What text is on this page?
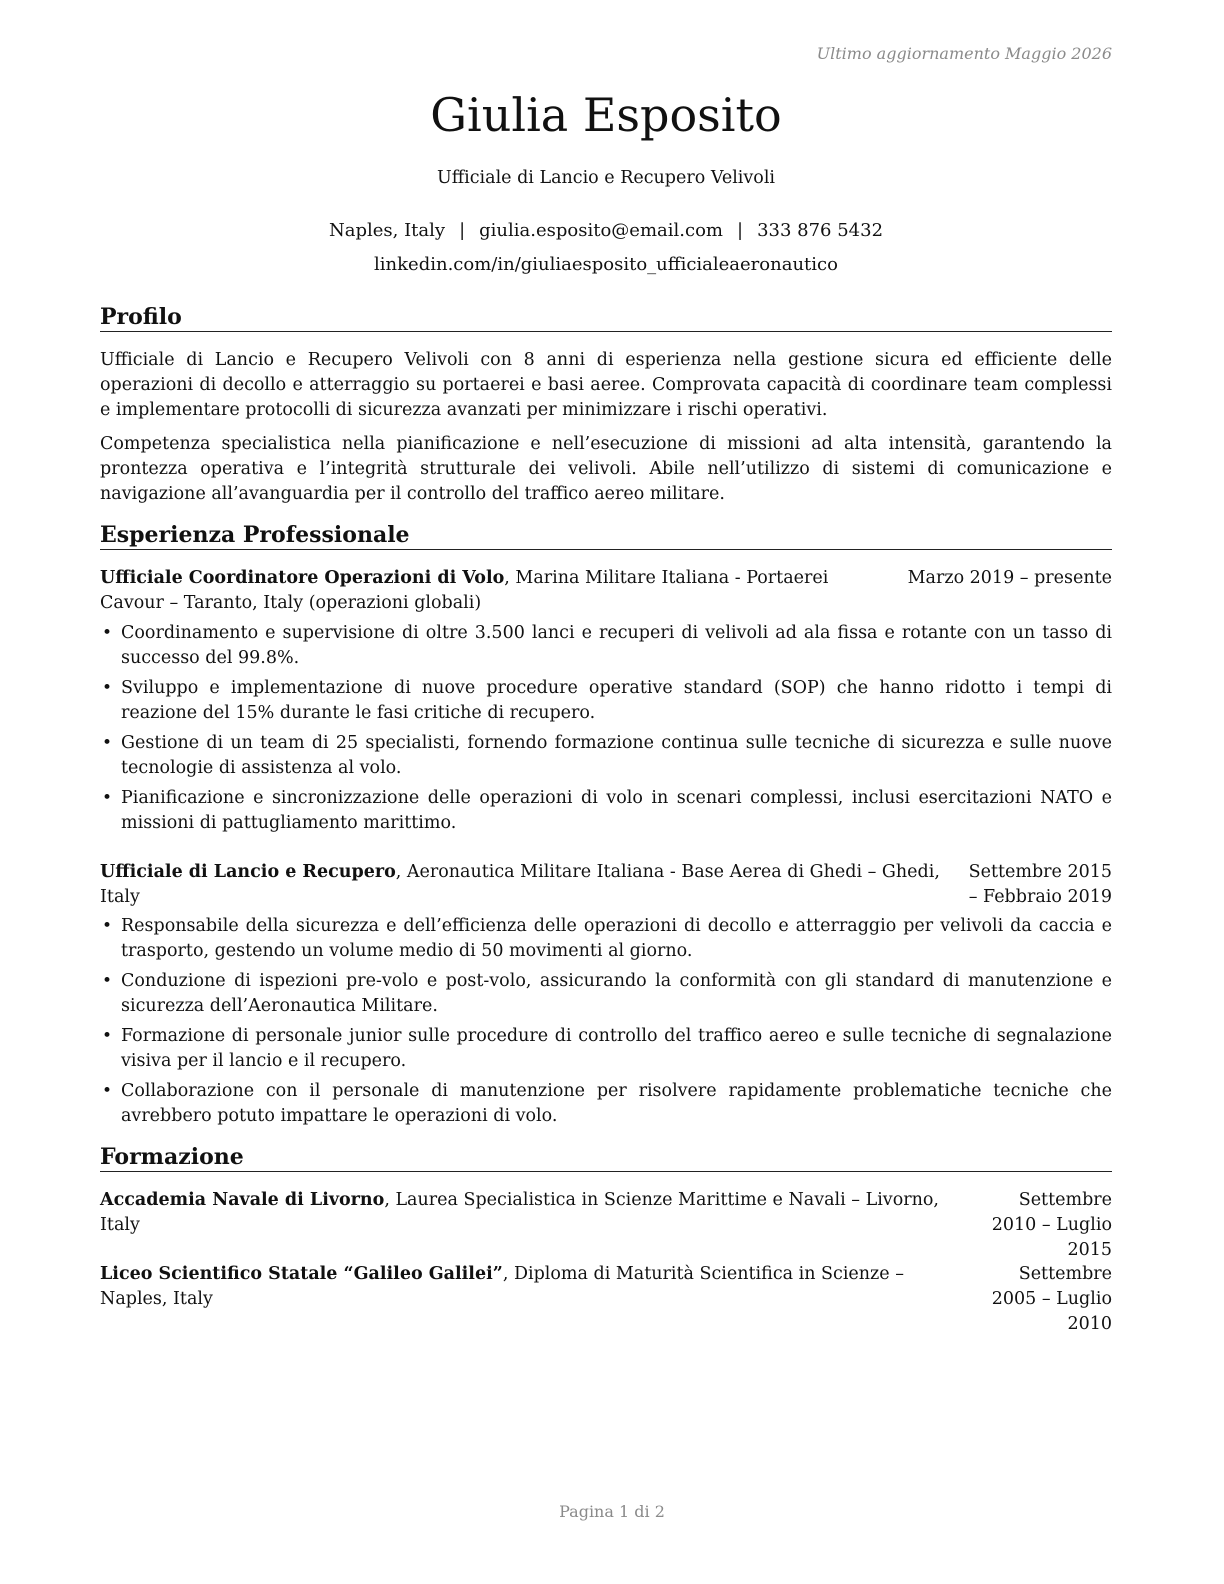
Ultimo aggiornamento Maggio 2026
Giulia Esposito
Ufficiale di Lancio e Recupero Velivoli
Naples, Italy | giulia.esposito@email.com | 333 876 5432
linkedin.com/in/giuliaesposito_ufficialeaeronautico
Profilo

Ufficiale di Lancio e Recupero Velivoli con 8 anni di esperienza nella gestione sicura ed efficiente delle operazioni di decollo e atterraggio su portaerei e basi aeree. Comprovata capacità di coordinare team complessi e implementare protocolli di sicurezza avanzati per minimizzare i rischi operativi.

Competenza specialistica nella pianificazione e nell’esecuzione di missioni ad alta intensità, garantendo la prontezza operativa e l’integrità strutturale dei velivoli. Abile nell’utilizzo di sistemi di comunicazione e navigazione all’avanguardia per il controllo del traffico aereo militare.

Esperienza Professionale
Ufficiale Coordinatore Operazioni di Volo, Marina Militare Italiana - Portaerei Cavour – Taranto, Italy (operazioni globali)
Marzo 2019 – presente
• Coordinamento e supervisione di oltre 3.500 lanci e recuperi di velivoli ad ala fissa e rotante con un tasso di successo del 99.8%.
• Sviluppo e implementazione di nuove procedure operative standard (SOP) che hanno ridotto i tempi di reazione del 15% durante le fasi critiche di recupero.
• Gestione di un team di 25 specialisti, fornendo formazione continua sulle tecniche di sicurezza e sulle nuove tecnologie di assistenza al volo.
• Pianificazione e sincronizzazione delle operazioni di volo in scenari complessi, inclusi esercitazioni NATO e missioni di pattugliamento marittimo.
Ufficiale di Lancio e Recupero, Aeronautica Militare Italiana - Base Aerea di Ghedi – Ghedi, Italy
Settembre 2015 – Febbraio 2019
• Responsabile della sicurezza e dell’efficienza delle operazioni di decollo e atterraggio per velivoli da caccia e trasporto, gestendo un volume medio di 50 movimenti al giorno.
• Conduzione di ispezioni pre-volo e post-volo, assicurando la conformità con gli standard di manutenzione e sicurezza dell’Aeronautica Militare.
• Formazione di personale junior sulle procedure di controllo del traffico aereo e sulle tecniche di segnalazione visiva per il lancio e il recupero.
• Collaborazione con il personale di manutenzione per risolvere rapidamente problematiche tecniche che avrebbero potuto impattare le operazioni di volo.
Formazione
Accademia Navale di Livorno, Laurea Specialistica in Scienze Marittime e Navali – Livorno, Italy
Settembre 2010 – Luglio 2015
Liceo Scientifico Statale “Galileo Galilei”, Diploma di Maturità Scientifica in Scienze – Naples, Italy
Settembre 2005 – Luglio 2010
Pagina 1 di 2
